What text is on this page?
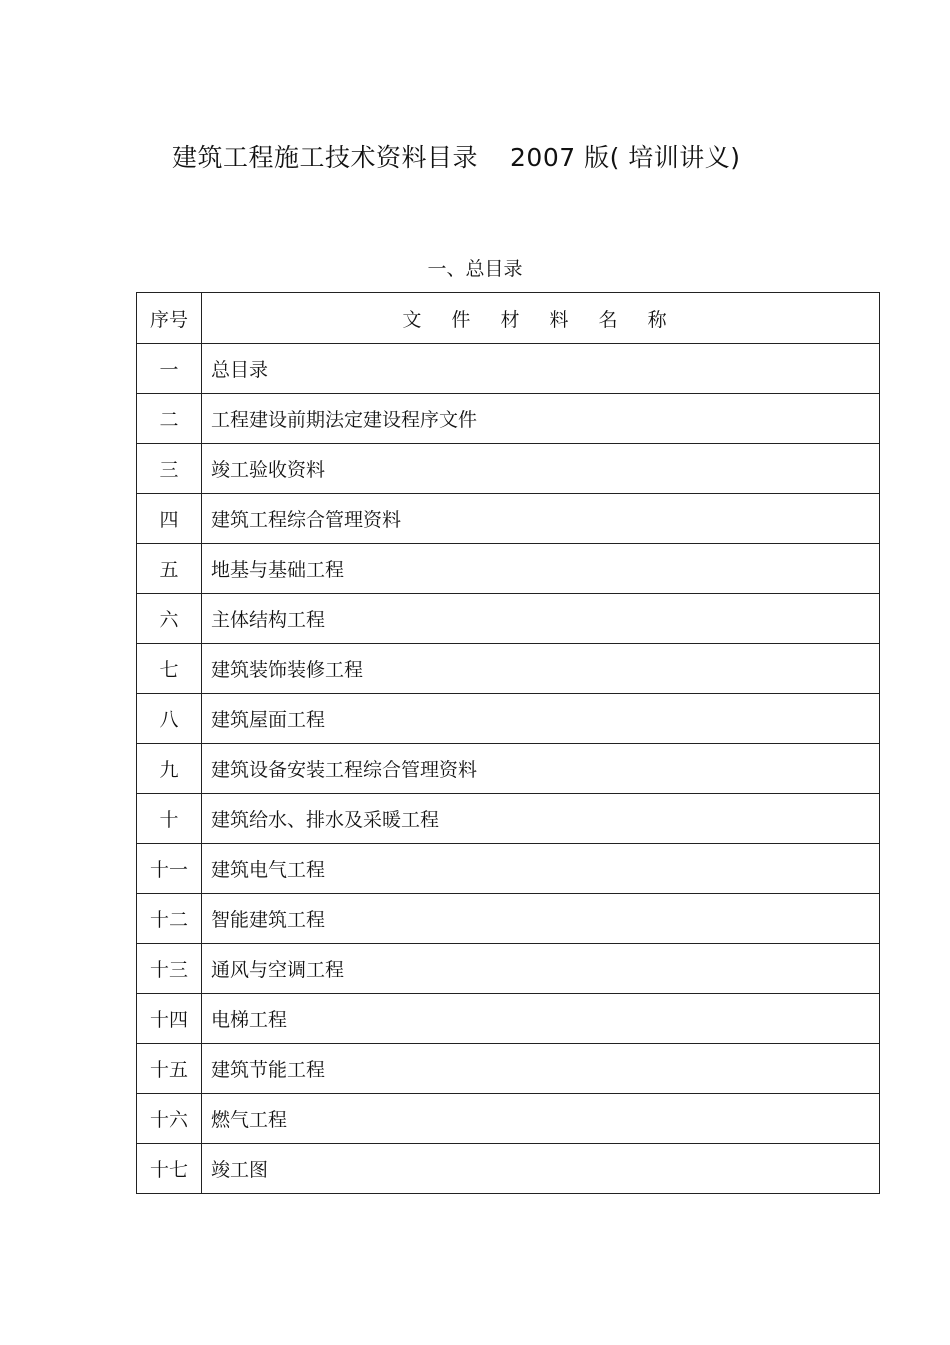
建筑工程施工技术资料目录 2007 版( 培训讲义)
一、总目录
序号	文 件 材 料 名 称
一	总目录
二	工程建设前期法定建设程序文件
三	竣工验收资料
四	建筑工程综合管理资料
五	地基与基础工程
六	主体结构工程
七	建筑装饰装修工程
八	建筑屋面工程
九	建筑设备安装工程综合管理资料
十	建筑给水、排水及采暖工程
十一	建筑电气工程
十二	智能建筑工程
十三	通风与空调工程
十四	电梯工程
十五	建筑节能工程
十六	燃气工程
十七	竣工图
